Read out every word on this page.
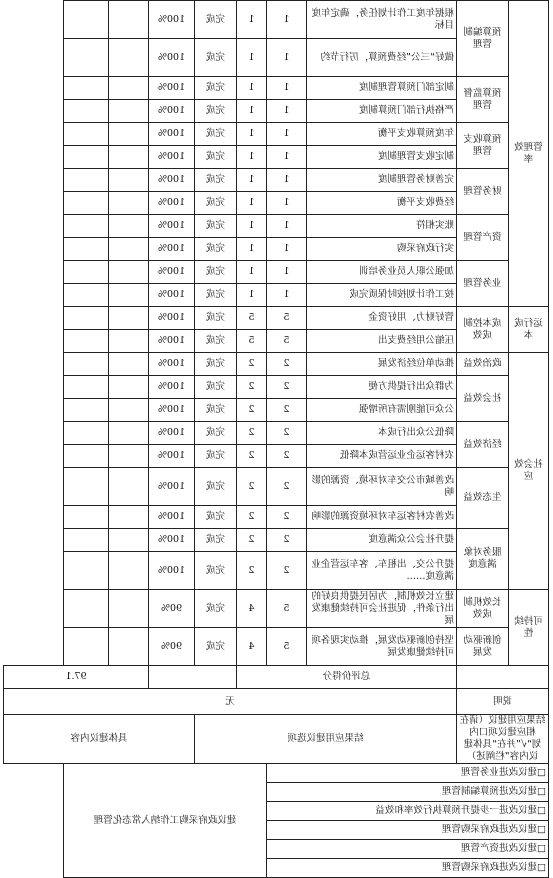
管理效率	预算编制管理	根据年度工作计划任务，确定年度目标	1	1	完成	100%		
		做好“三公”经费预算，厉行节约	1	1	完成	100%		
	预算监督管理	制定部门预算管理制度	1	1	完成	100%		
		严格执行部门预算制度	1	1	完成	100%		
	预算收支管理	年度预算收支平衡	1	1	完成	100%		
		制定收支管理制度	1	1	完成	100%		
	财务管理	完善财务管理制度	1	1	完成	100%		
		经费收支平衡	1	1	完成	100%		
	资产管理	账实相符	1	1	完成	100%		
		实行政府采购	1	1	完成	100%		
	业务管理	加强公职人员业务培训	1	1	完成	100%		
		按工作计划按时保质完成	1	1	完成	100%		
运行成本	成本控制成效	管好财力、用好资金	5	5	完成	100%		
		压缩公用经费支出	5	5	完成	100%		
社会效应	政治效益	推动单位经济发展	2	2	完成	100%		
	社会效益	为群众出行提供方便	2	2	完成	100%		
		公众可能刚需有所增强	2	2	完成	100%		
	经济效益	降低公众出行成本	2	2	完成	100%		
		农村客运企业运营成本降低	2	2	完成	100%		
	生态效益	改善城市公交车对环境、资源的影响	2	2	完成	100%		
		改善农村客运车对环境资源的影响	2	2	完成	100%		
	服务对象满意度	提升社会公众满意度	2	2	完成	100%		
		提升公交、出租车、客车运营企业满意度……	2	2	完成	100%		
可持续性	长效机制成效	建立长效机制，为居民提供良好的出行条件，促进社会可持续健康发展	5	4	完成	90%		
	创新驱动发展	坚持创新驱动发展，推动实现各项可持续健康发展	5	4	完成	90%		
		总评价得分					97.1	
说明		无						
结果应用建议（请在相应建议项口内划“√”并在“具体建议内容”栏阐述）		结果应用建议选项				具体建议内容		
□建议改进业务管理				建议政府采购工作纳入常态化管理				
□建议改进预算编制管理								
□建议改进一步提升预算执行效率和效益								
□建议改进政府采购管理								
□建议改进资产管理								
□建议改进政府采购管理								
